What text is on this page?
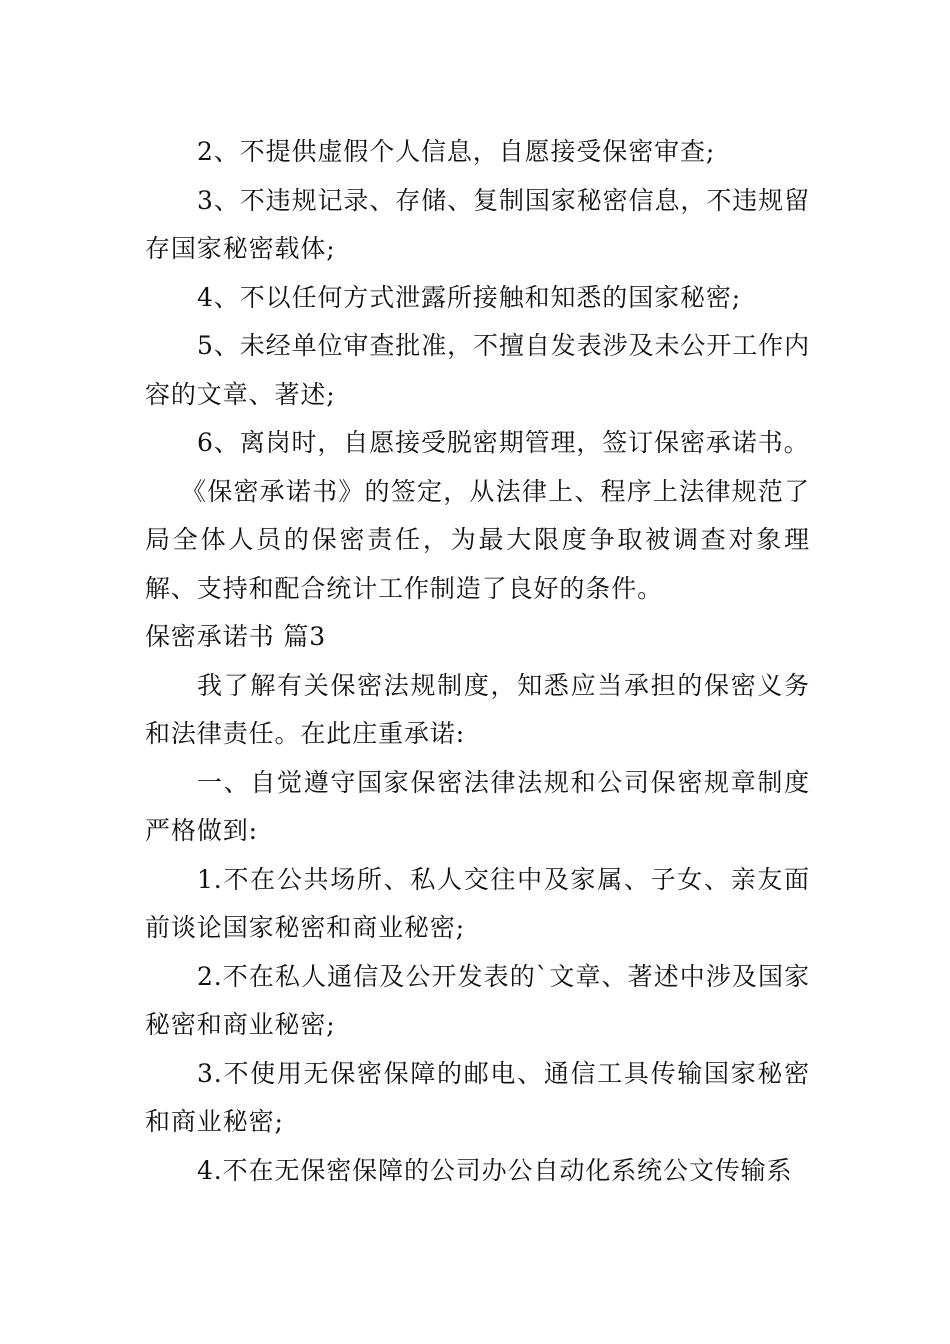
2、不提供虚假个人信息，自愿接受保密审查;

3、不违规记录、存储、复制国家秘密信息，不违规留存国家秘密载体;

4、不以任何方式泄露所接触和知悉的国家秘密;

5、未经单位审查批准，不擅自发表涉及未公开工作内容的文章、著述;

6、离岗时，自愿接受脱密期管理，签订保密承诺书。

《保密承诺书》的签定，从法律上、程序上法律规范了局全体人员的保密责任，为最大限度争取被调查对象理解、支持和配合统计工作制造了良好的条件。

保密承诺书 篇3

我了解有关保密法规制度，知悉应当承担的保密义务和法律责任。在此庄重承诺:

一、自觉遵守国家保密法律法规和公司保密规章制度严格做到:

1.不在公共场所、私人交往中及家属、子女、亲友面前谈论国家秘密和商业秘密;

2.不在私人通信及公开发表的`文章、著述中涉及国家秘密和商业秘密;

3.不使用无保密保障的邮电、通信工具传输国家秘密和商业秘密;

4.不在无保密保障的公司办公自动化系统公文传输系
